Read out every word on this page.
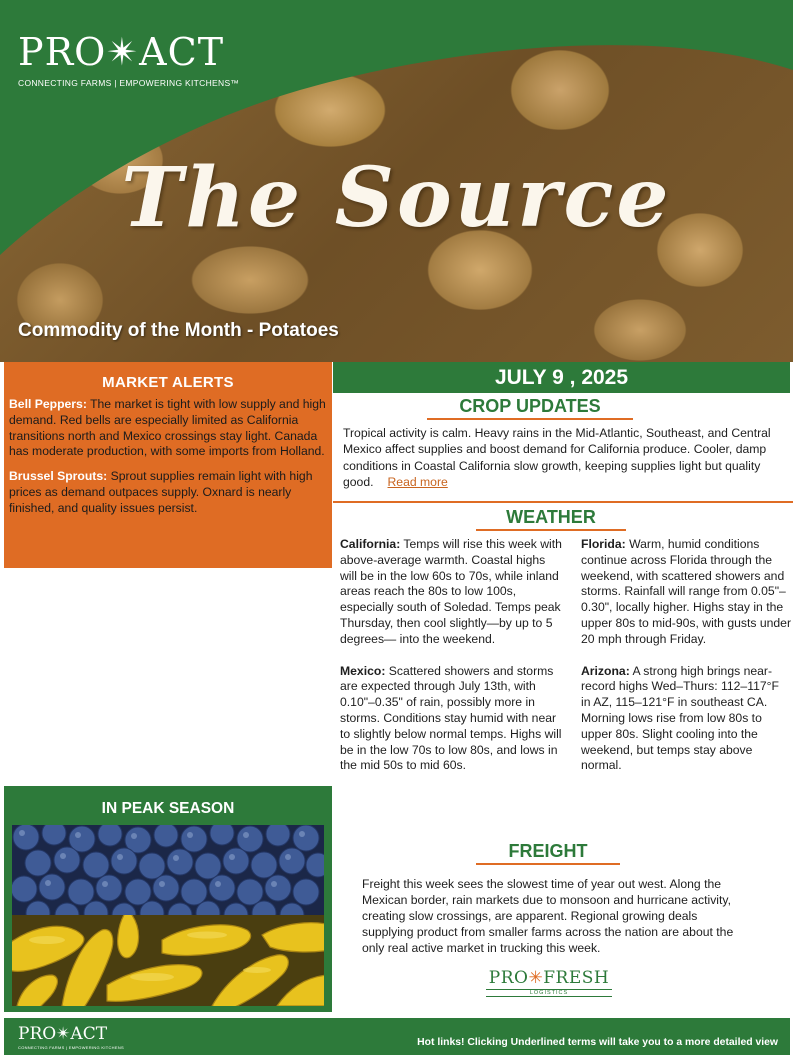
PRO✴ACT
CONNECTING FARMS | EMPOWERING KITCHENS™
The Source
Commodity of the Month - Potatoes
MARKET ALERTS

Bell Peppers: The market is tight with low supply and high demand. Red bells are especially limited as California transitions north and Mexico crossings stay light. Canada has moderate production, with some imports from Holland.

Brussel Sprouts: Sprout supplies remain light with high prices as demand outpaces supply. Oxnard is nearly finished, and quality issues persist.

JULY 9 , 2025
CROP UPDATES
Tropical activity is calm. Heavy rains in the Mid-Atlantic, Southeast, and Central Mexico affect supplies and boost demand for California produce. Cooler, damp conditions in Coastal California slow growth, keeping supplies light but quality good. Read more
WEATHER

California: Temps will rise this week with above-average warmth. Coastal highs will be in the low 60s to 70s, while inland areas reach the 80s to low 100s, especially south of Soledad. Temps peak Thursday, then cool slightly—by up to 5 degrees— into the weekend.

Mexico: Scattered showers and storms are expected through July 13th, with 0.10"–0.35" of rain, possibly more in storms. Conditions stay humid with near to slightly below normal temps. Highs will be in the low 70s to low 80s, and lows in the mid 50s to mid 60s.

Florida: Warm, humid conditions continue across Florida through the weekend, with scattered showers and storms. Rainfall will range from 0.05"–0.30", locally higher. Highs stay in the upper 80s to mid-90s, with gusts under 20 mph through Friday.

Arizona: A strong high brings near-record highs Wed–Thurs: 112–117°F in AZ, 115–121°F in southeast CA. Morning lows rise from low 80s to upper 80s. Slight cooling into the weekend, but temps stay above normal.

IN PEAK SEASON
FREIGHT
Freight this week sees the slowest time of year out west. Along the Mexican border, rain markets due to monsoon and hurricane activity, creating slow crossings, are apparent. Regional growing deals supplying product from smaller farms across the nation are about the only real active market in trucking this week.
PRO✳FRESH
LOGISTICS
PRO✴ACT
CONNECTING FARMS | EMPOWERING KITCHENS	Hot links! Clicking Underlined terms will take you to a more detailed view
